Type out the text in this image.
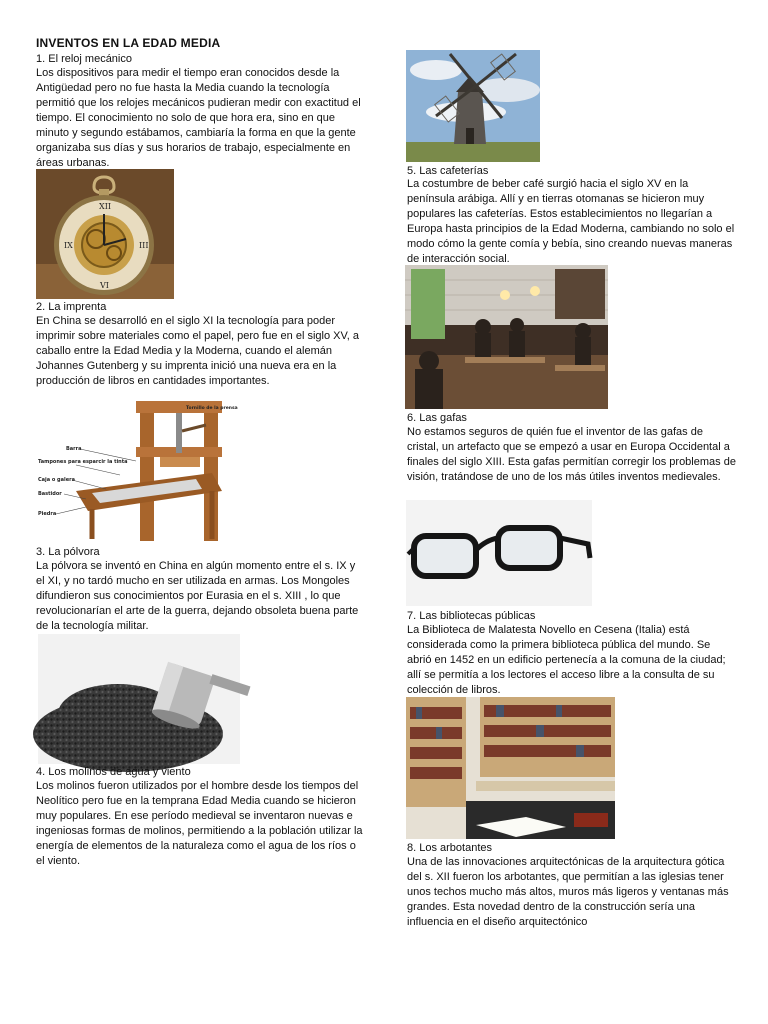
INVENTOS EN LA EDAD MEDIA
1. El reloj mecánico

Los dispositivos para medir el tiempo eran conocidos desde la Antigüedad pero no fue hasta la Media cuando la tecnología permitió que los relojes mecánicos pudieran medir con exactitud el tiempo. El conocimiento no solo de que hora era, sino en que minuto y segundo estábamos, cambiaría la forma en que la gente organizaba sus días y sus horarios de trabajo, especialmente en áreas urbanas.

XII
III
VI
IX
2. La imprenta

En China se desarrolló en el siglo XI la tecnología para poder imprimir sobre materiales como el papel, pero fue en el siglo XV, a caballo entre la Edad Media y la Moderna, cuando el alemán Johannes Gutenberg y su imprenta inició una nueva era en la producción de libros en cantidades importantes.

Barra
Tampones para esparcir la tinta
Caja o galera
Bastidor
Piedra
Tornillo de la prensa
3. La pólvora

La pólvora se inventó en China en algún momento entre el s. IX y el XI, y no tardó mucho en ser utilizada en armas. Los Mongoles difundieron sus conocimientos por Eurasia en el s. XIII , lo que revolucionarían el arte de la guerra, dejando obsoleta buena parte de la tecnología militar.

4. Los molinos de agua y viento

Los molinos fueron utilizados por el hombre desde los tiempos del Neolítico pero fue en la temprana Edad Media cuando se hicieron muy populares. En ese período medieval se inventaron nuevas e ingeniosas formas de molinos, permitiendo a la población utilizar la energía de elementos de la naturaleza como el agua de los ríos o el viento.

5. Las cafeterías

La costumbre de beber café surgió hacia el siglo XV en la península arábiga. Allí y en tierras otomanas se hicieron muy populares las cafeterías. Estos establecimientos no llegarían a Europa hasta principios de la Edad Moderna, cambiando no solo el modo cómo la gente comía y bebía, sino creando nuevas maneras de interacción social.

6. Las gafas

No estamos seguros de quién fue el inventor de las gafas de cristal, un artefacto que se empezó a usar en Europa Occidental a finales del siglo XIII. Esta gafas permitían corregir los problemas de visión, tratándose de uno de los más útiles inventos medievales.

7. Las bibliotecas públicas

La Biblioteca de Malatesta Novello en Cesena (Italia) está considerada como la primera biblioteca pública del mundo. Se abrió en 1452 en un edificio pertenecía a la comuna de la ciudad; allí se permitía a los lectores el acceso libre a la consulta de su colección de libros.

8. Los arbotantes

Una de las innovaciones arquitectónicas de la arquitectura gótica del s. XII fueron los arbotantes, que permitían a las iglesias tener unos techos mucho más altos, muros más ligeros y ventanas más grandes. Esta novedad dentro de la construcción sería una influencia en el diseño arquitectónico
